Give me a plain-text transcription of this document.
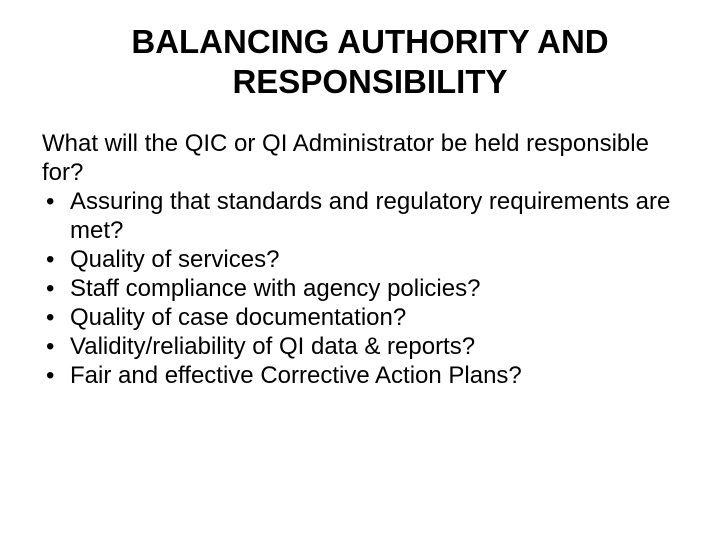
BALANCING AUTHORITY AND
RESPONSIBILITY

What will the QIC or QI Administrator be held responsible for?

• Assuring that standards and regulatory requirements are met?
• Quality of services?
• Staff compliance with agency policies?
• Quality of case documentation?
• Validity/reliability of QI data & reports?
• Fair and effective Corrective Action Plans?
